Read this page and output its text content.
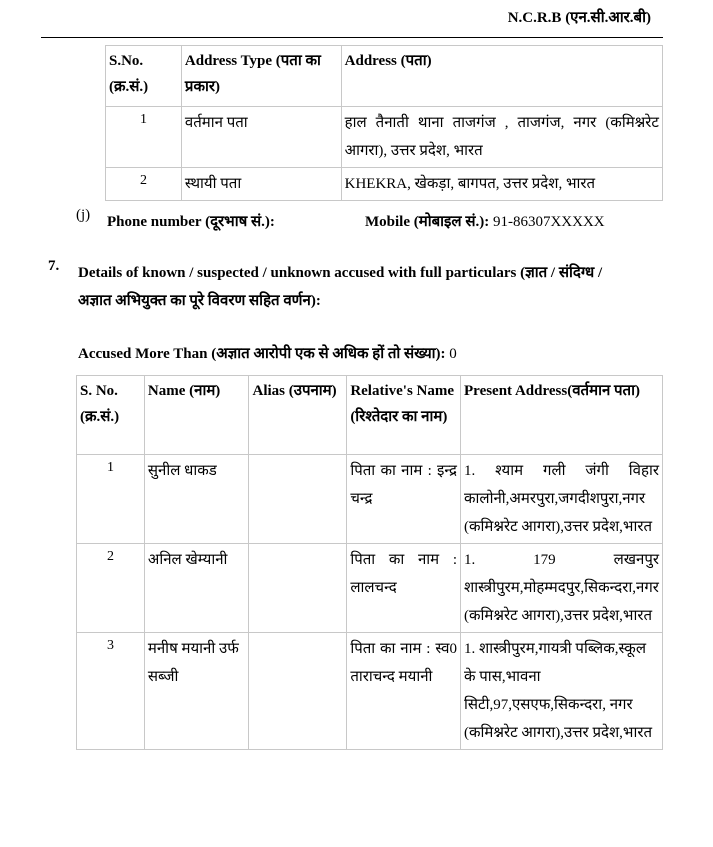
N.C.R.B (एन.सी.आर.बी)
S.No. (क्र.सं.)	Address Type (पता का प्रकार)	Address (पता)
1	वर्तमान पता	हाल तैनाती थाना ताजगंज , ताजगंज, नगर (कमिश्नरेट आगरा), उत्तर प्रदेश, भारत
2	स्थायी पता	KHEKRA, खेकड़ा, बागपत, उत्तर प्रदेश, भारत
(j) Phone number (दूरभाष सं.):	Mobile (मोबाइल सं.): 91-86307XXXXX
7. Details of known / suspected / unknown accused with full particulars (ज्ञात / संदिग्ध / अज्ञात अभियुक्त का पूरे विवरण सहित वर्णन):
Accused More Than (अज्ञात आरोपी एक से अधिक हों तो संख्या): 0
S. No. (क्र.सं.)	Name (नाम)	Alias (उपनाम)	Relative's Name (रिश्तेदार का नाम)	Present Address(वर्तमान पता)
1	सुनील धाकड		पिता का नाम : इन्द्र चन्द्र	1. श्याम गली जंगी विहार कालोनी,अमरपुरा,जगदीशपुरा,नगर (कमिश्नरेट आगरा),उत्तर प्रदेश,भारत
2	अनिल खेम्यानी		पिता का नाम : लालचन्द	1. 179 लखनपुर शास्त्रीपुरम,मोहम्मदपुर,सिकन्दरा,नगर (कमिश्नरेट आगरा),उत्तर प्रदेश,भारत
3	मनीष मयानी उर्फ सब्जी		पिता का नाम : स्व0 ताराचन्द मयानी	1. शास्त्रीपुरम,गायत्री पब्लिक,स्कूल के पास,भावना सिटी,97,एसएफ,सिकन्दरा, नगर (कमिश्नरेट आगरा),उत्तर प्रदेश,भारत
